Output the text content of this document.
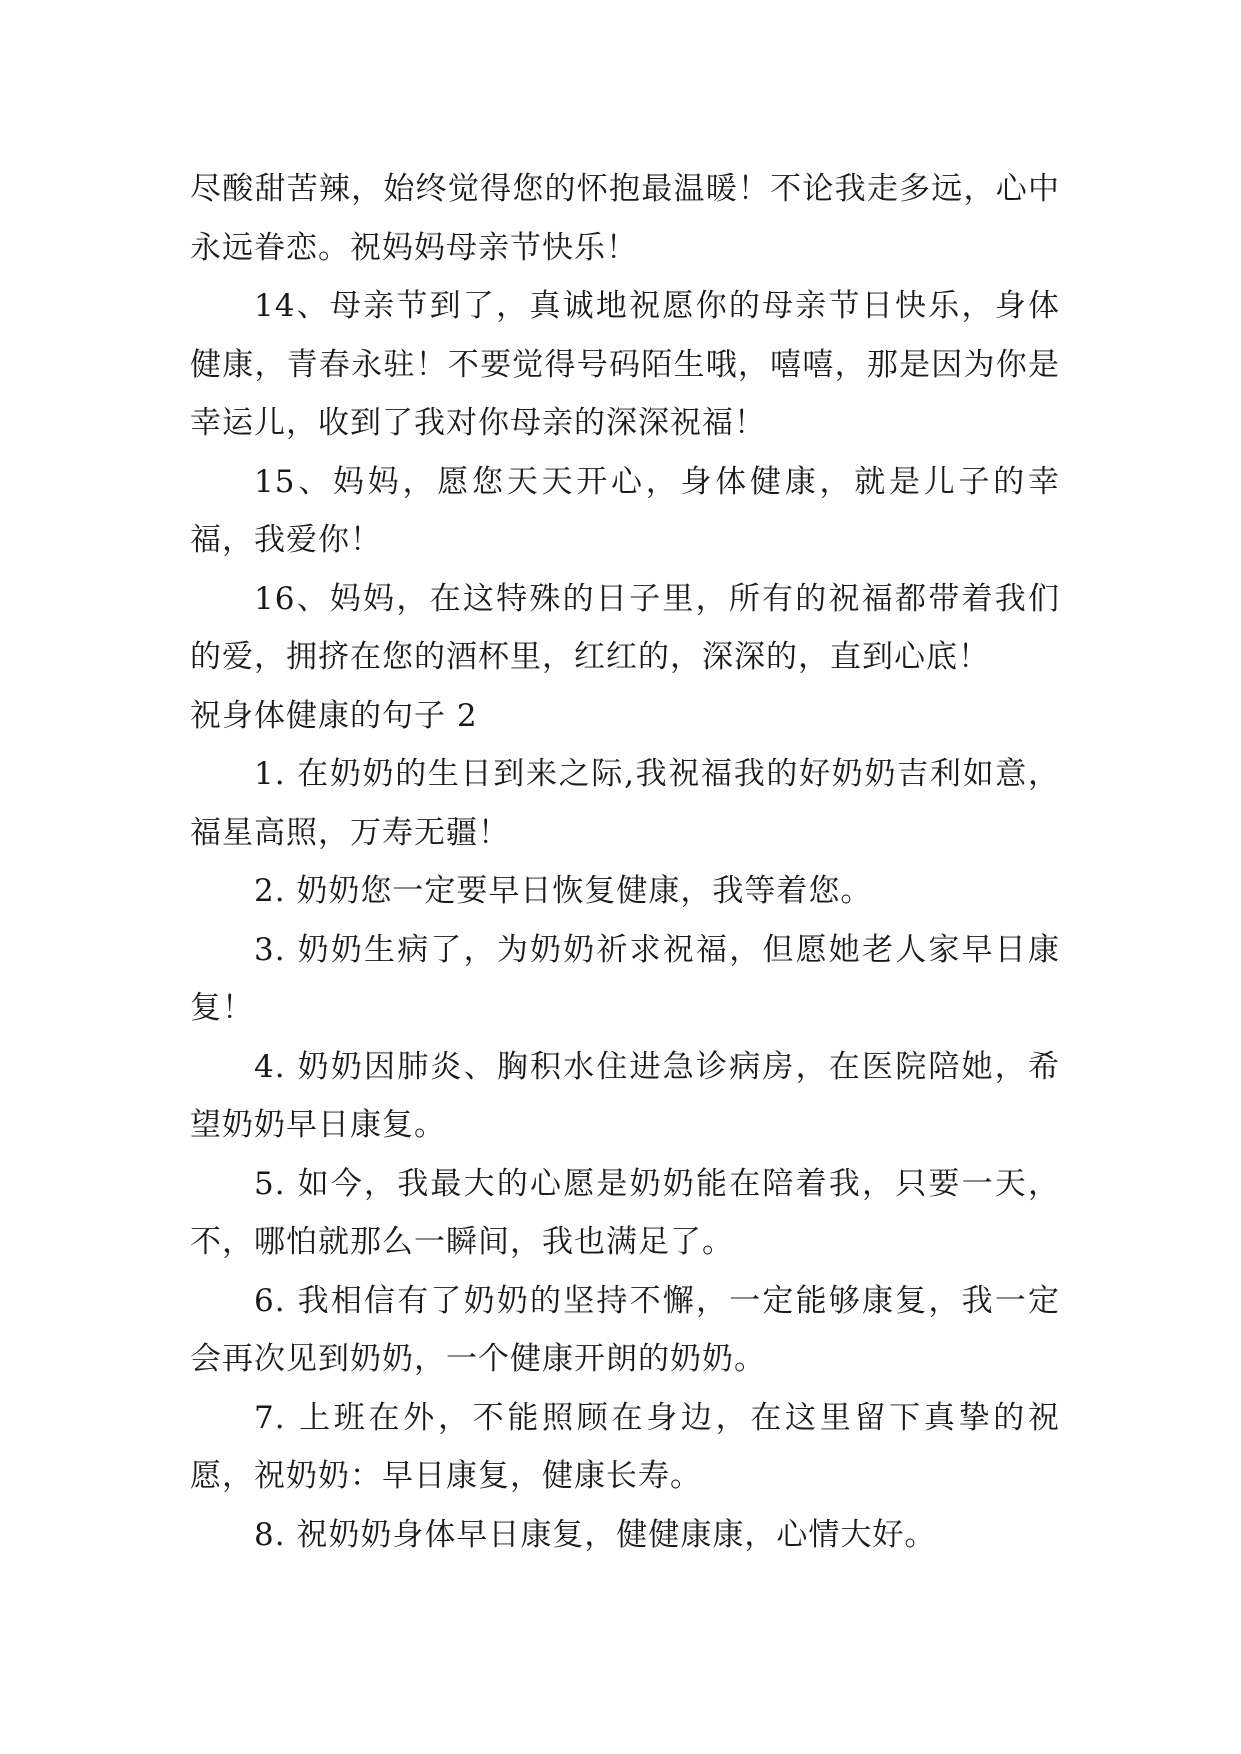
尽酸甜苦辣，始终觉得您的怀抱最温暖！不论我走多远，心中永远眷恋。祝妈妈母亲节快乐！

14、母亲节到了，真诚地祝愿你的母亲节日快乐，身体健康，青春永驻！不要觉得号码陌生哦，嘻嘻，那是因为你是幸运儿，收到了我对你母亲的深深祝福！

15、妈妈，愿您天天开心，身体健康，就是儿子的幸福，我爱你！

16、妈妈，在这特殊的日子里，所有的祝福都带着我们的爱，拥挤在您的酒杯里，红红的，深深的，直到心底！

祝身体健康的句子 2

1. 在奶奶的生日到来之际,我祝福我的好奶奶吉利如意，福星高照，万寿无疆！

2. 奶奶您一定要早日恢复健康，我等着您。

3. 奶奶生病了，为奶奶祈求祝福，但愿她老人家早日康复！

4. 奶奶因肺炎、胸积水住进急诊病房，在医院陪她，希望奶奶早日康复。

5. 如今，我最大的心愿是奶奶能在陪着我，只要一天，不，哪怕就那么一瞬间，我也满足了。

6. 我相信有了奶奶的坚持不懈，一定能够康复，我一定会再次见到奶奶，一个健康开朗的奶奶。

7. 上班在外，不能照顾在身边，在这里留下真挚的祝愿，祝奶奶：早日康复，健康长寿。

8. 祝奶奶身体早日康复，健健康康，心情大好。
